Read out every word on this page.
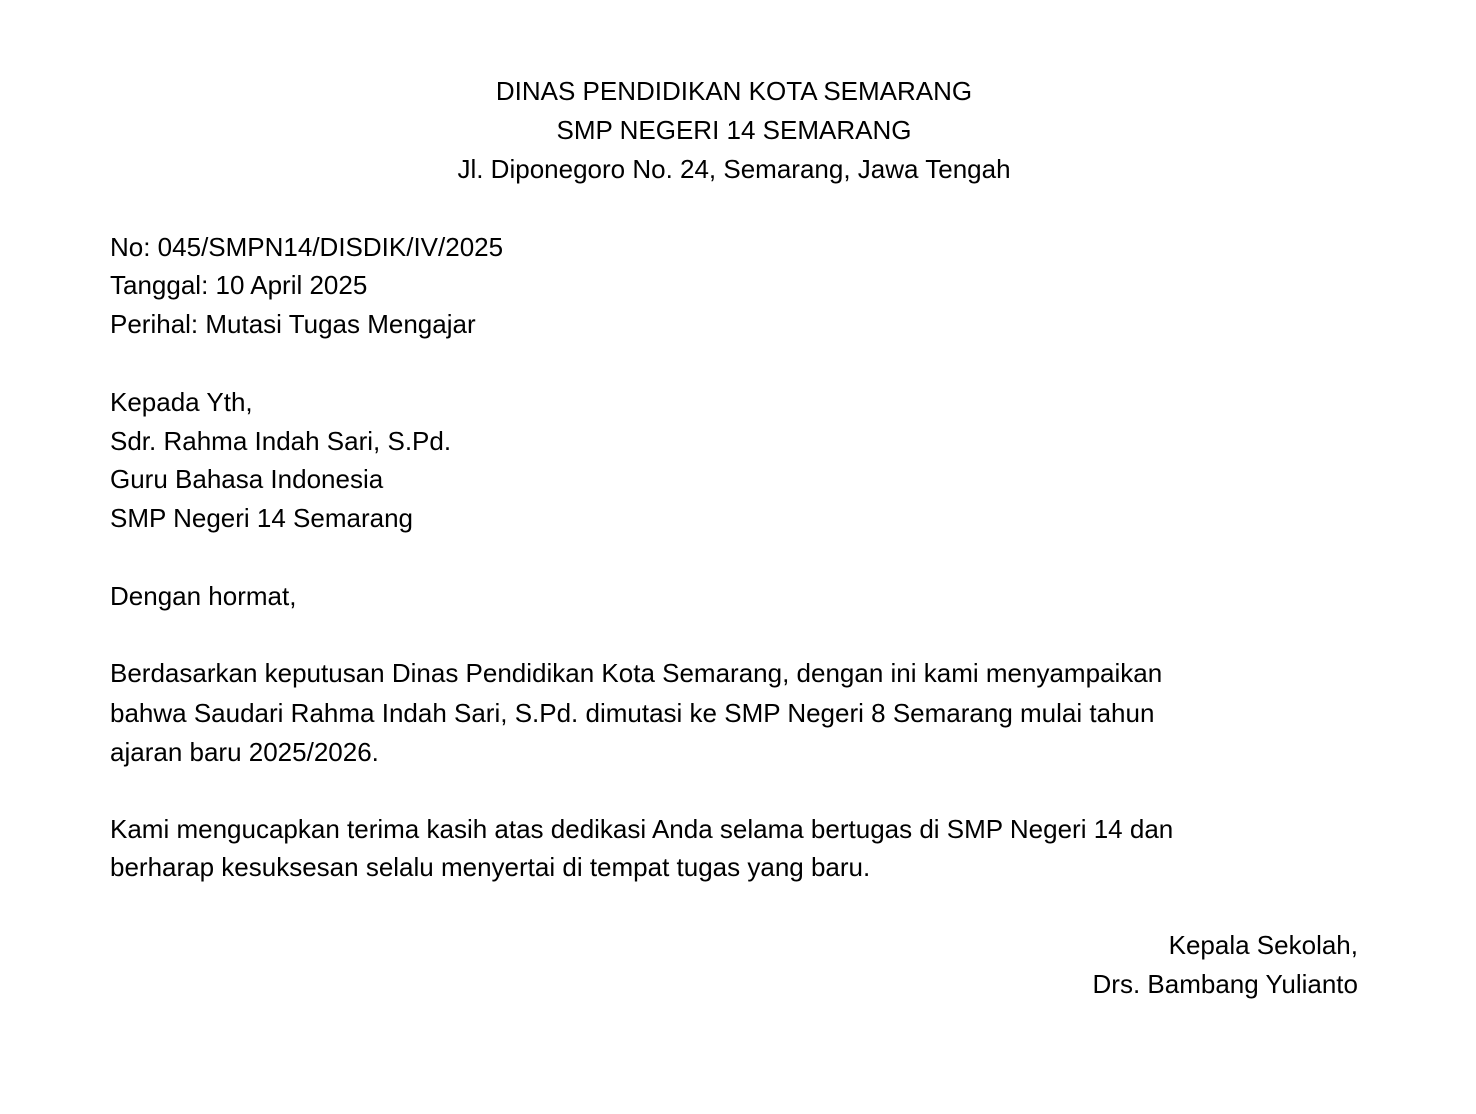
DINAS PENDIDIKAN KOTA SEMARANG
SMP NEGERI 14 SEMARANG
Jl. Diponegoro No. 24, Semarang, Jawa Tengah
No: 045/SMPN14/DISDIK/IV/2025
Tanggal: 10 April 2025
Perihal: Mutasi Tugas Mengajar
Kepada Yth,
Sdr. Rahma Indah Sari, S.Pd.
Guru Bahasa Indonesia
SMP Negeri 14 Semarang
Dengan hormat,
Berdasarkan keputusan Dinas Pendidikan Kota Semarang, dengan ini kami menyampaikan
bahwa Saudari Rahma Indah Sari, S.Pd. dimutasi ke SMP Negeri 8 Semarang mulai tahun
ajaran baru 2025/2026.
Kami mengucapkan terima kasih atas dedikasi Anda selama bertugas di SMP Negeri 14 dan
berharap kesuksesan selalu menyertai di tempat tugas yang baru.
Kepala Sekolah,
Drs. Bambang Yulianto
